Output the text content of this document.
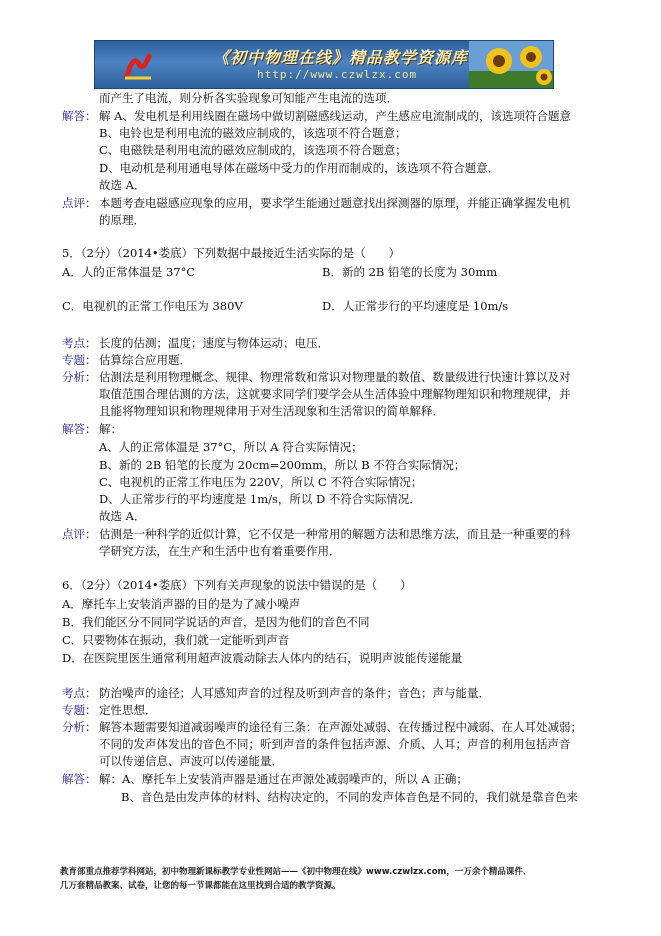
《初中物理在线》精品教学资源库
http://www.czwlzx.com
而产生了电流，则分析各实验现象可知能产生电流的选项．
解答： 解 A、发电机是利用线圈在磁场中做切割磁感线运动，产生感应电流制成的，该选项符合题意
B、电铃也是利用电流的磁效应制成的，该选项不符合题意；
C、电磁铁是利用电流的磁效应制成的，该选项不符合题意；
D、电动机是利用通电导体在磁场中受力的作用而制成的，该选项不符合题意．
故选 A．
点评： 本题考查电磁感应现象的应用，要求学生能通过题意找出探测器的原理，并能正确掌握发电机
的原理．
5．（2分）（2014•娄底）下列数据中最接近生活实际的是（　　）
A．人的正常体温是 37°C	B．新的 2B 铅笔的长度为 30mm
C．电视机的正常工作电压为 380V	D．人正常步行的平均速度是 10m/s
考点： 长度的估测；温度；速度与物体运动；电压．
专题： 估算综合应用题．
分析： 估测法是利用物理概念、规律、物理常数和常识对物理量的数值、数量级进行快速计算以及对
取值范围合理估测的方法，这就要求同学们要学会从生活体验中理解物理知识和物理规律，并
且能将物理知识和物理规律用于对生活现象和生活常识的简单解释．
解答： 解：
A、人的正常体温是 37°C，所以 A 符合实际情况；
B、新的 2B 铅笔的长度为 20cm=200mm，所以 B 不符合实际情况；
C、电视机的正常工作电压为 220V，所以 C 不符合实际情况；
D、人正常步行的平均速度是 1m/s，所以 D 不符合实际情况．
故选 A．
点评： 估测是一种科学的近似计算，它不仅是一种常用的解题方法和思维方法，而且是一种重要的科
学研究方法，在生产和生活中也有着重要作用．
6．（2分）（2014•娄底）下列有关声现象的说法中错误的是（　　）
A．摩托车上安装消声器的目的是为了减小噪声
B．我们能区分不同同学说话的声音，是因为他们的音色不同
C．只要物体在振动，我们就一定能听到声音
D．在医院里医生通常利用超声波震动除去人体内的结石，说明声波能传递能量
考点： 防治噪声的途径；人耳感知声音的过程及听到声音的条件；音色；声与能量．
专题： 定性思想．
分析： 解答本题需要知道减弱噪声的途径有三条：在声源处减弱、在传播过程中减弱、在人耳处减弱；
不同的发声体发出的音色不同；听到声音的条件包括声源、介质、人耳；声音的利用包括声音
可以传递信息、声波可以传递能量．
解答： 解：A、摩托车上安装消声器是通过在声源处减弱噪声的，所以 A 正确；
B、音色是由发声体的材料、结构决定的，不同的发声体音色是不同的，我们就是靠音色来
教育部重点推荐学科网站，初中物理新课标教学专业性网站——《初中物理在线》www.czwlzx.com，一万余个精品课件、
几万套精品教案、试卷，让您的每一节课都能在这里找到合适的教学资源。
